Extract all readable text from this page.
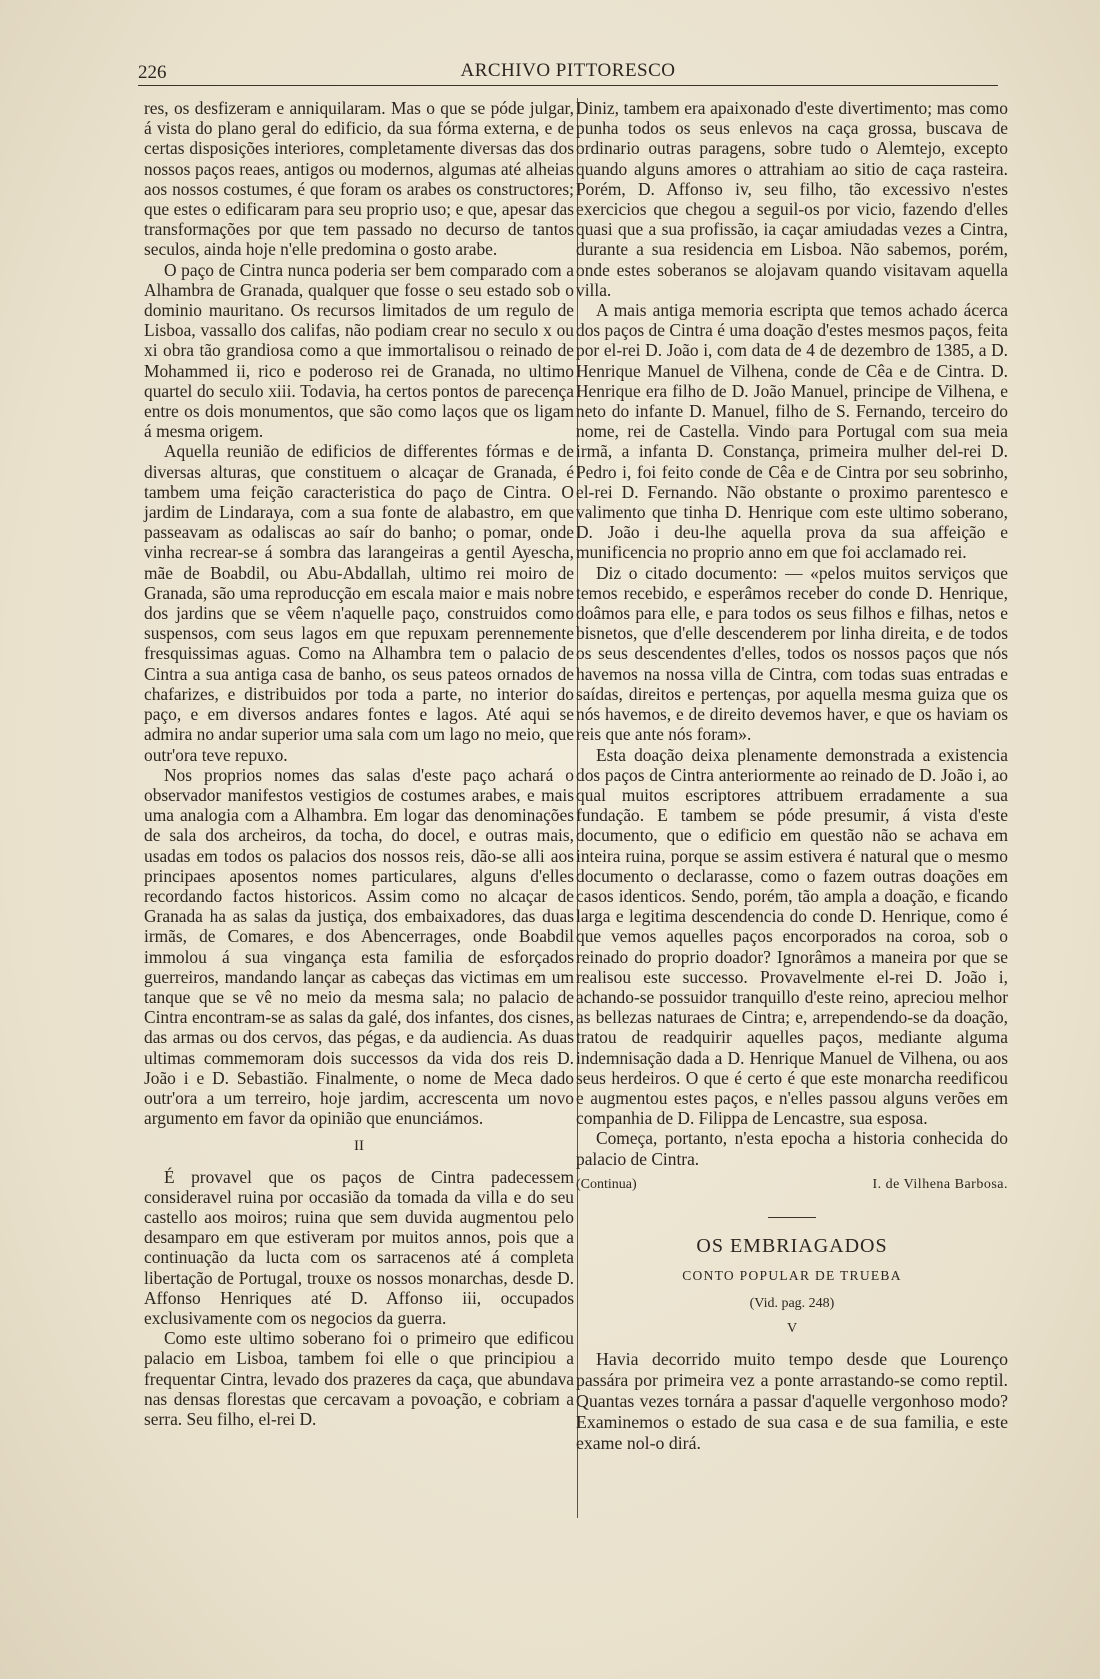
226	ARCHIVO PITTORESCO

res, os desfizeram e anniquilaram. Mas o que se póde julgar, á vista do plano geral do edificio, da sua fórma externa, e de certas disposições interiores, completamente diversas das dos nossos paços reaes, antigos ou modernos, algumas até alheias aos nossos costumes, é que foram os arabes os constructores; que estes o edificaram para seu proprio uso; e que, apesar das transformações por que tem passado no decurso de tantos seculos, ainda hoje n'elle predomina o gosto arabe.

O paço de Cintra nunca poderia ser bem comparado com a Alhambra de Granada, qualquer que fosse o seu estado sob o dominio mauritano. Os recursos limitados de um regulo de Lisboa, vassallo dos califas, não podiam crear no seculo x ou xi obra tão grandiosa como a que immortalisou o reinado de Mohammed ii, rico e poderoso rei de Granada, no ultimo quartel do seculo xiii. Todavia, ha certos pontos de parecença entre os dois monumentos, que são como laços que os ligam á mesma origem.

Aquella reunião de edificios de differentes fórmas e de diversas alturas, que constituem o alcaçar de Granada, é tambem uma feição caracteristica do paço de Cintra. O jardim de Lindaraya, com a sua fonte de alabastro, em que passeavam as odaliscas ao saír do banho; o pomar, onde vinha recrear-se á sombra das larangeiras a gentil Ayescha, mãe de Boabdil, ou Abu-Abdallah, ultimo rei moiro de Granada, são uma reproducção em escala maior e mais nobre dos jardins que se vêem n'aquelle paço, construidos como suspensos, com seus lagos em que repuxam perennemente fresquissimas aguas. Como na Alhambra tem o palacio de Cintra a sua antiga casa de banho, os seus pateos ornados de chafarizes, e distribuidos por toda a parte, no interior do paço, e em diversos andares fontes e lagos. Até aqui se admira no andar superior uma sala com um lago no meio, que outr'ora teve repuxo.

Nos proprios nomes das salas d'este paço achará o observador manifestos vestigios de costumes arabes, e mais uma analogia com a Alhambra. Em logar das denominações de sala dos archeiros, da tocha, do docel, e outras mais, usadas em todos os palacios dos nossos reis, dão-se alli aos principaes aposentos nomes particulares, alguns d'elles recordando factos historicos. Assim como no alcaçar de Granada ha as salas da justiça, dos embaixadores, das duas irmãs, de Comares, e dos Abencerrages, onde Boabdil immolou á sua vingança esta familia de esforçados guerreiros, mandando lançar as cabeças das victimas em um tanque que se vê no meio da mesma sala; no palacio de Cintra encontram-se as salas da galé, dos infantes, dos cisnes, das armas ou dos cervos, das pégas, e da audiencia. As duas ultimas commemoram dois successos da vida dos reis D. João i e D. Sebastião. Finalmente, o nome de Meca dado outr'ora a um terreiro, hoje jardim, accrescenta um novo argumento em favor da opinião que enunciámos.

II

É provavel que os paços de Cintra padecessem consideravel ruina por occasião da tomada da villa e do seu castello aos moiros; ruina que sem duvida augmentou pelo desamparo em que estiveram por muitos annos, pois que a continuação da lucta com os sarracenos até á completa libertação de Portugal, trouxe os nossos monarchas, desde D. Affonso Henriques até D. Affonso iii, occupados exclusivamente com os negocios da guerra.

Como este ultimo soberano foi o primeiro que edificou palacio em Lisboa, tambem foi elle o que principiou a frequentar Cintra, levado dos prazeres da caça, que abundava nas densas florestas que cercavam a povoação, e cobriam a serra. Seu filho, el-rei D.

Diniz, tambem era apaixonado d'este divertimento; mas como punha todos os seus enlevos na caça grossa, buscava de ordinario outras paragens, sobre tudo o Alemtejo, excepto quando alguns amores o attrahiam ao sitio de caça rasteira. Porém, D. Affonso iv, seu filho, tão excessivo n'estes exercicios que chegou a seguil-os por vicio, fazendo d'elles quasi que a sua profissão, ia caçar amiudadas vezes a Cintra, durante a sua residencia em Lisboa. Não sabemos, porém, onde estes soberanos se alojavam quando visitavam aquella villa.

A mais antiga memoria escripta que temos achado ácerca dos paços de Cintra é uma doação d'estes mesmos paços, feita por el-rei D. João i, com data de 4 de dezembro de 1385, a D. Henrique Manuel de Vilhena, conde de Cêa e de Cintra. D. Henrique era filho de D. João Manuel, principe de Vilhena, e neto do infante D. Manuel, filho de S. Fernando, terceiro do nome, rei de Castella. Vindo para Portugal com sua meia irmã, a infanta D. Constança, primeira mulher del-rei D. Pedro i, foi feito conde de Cêa e de Cintra por seu sobrinho, el-rei D. Fernando. Não obstante o proximo parentesco e valimento que tinha D. Henrique com este ultimo soberano, D. João i deu-lhe aquella prova da sua affeição e munificencia no proprio anno em que foi acclamado rei.

Diz o citado documento: — «pelos muitos serviços que temos recebido, e esperâmos receber do conde D. Henrique, doâmos para elle, e para todos os seus filhos e filhas, netos e bisnetos, que d'elle descenderem por linha direita, e de todos os seus descendentes d'elles, todos os nossos paços que nós havemos na nossa villa de Cintra, com todas suas entradas e saídas, direitos e pertenças, por aquella mesma guiza que os nós havemos, e de direito devemos haver, e que os haviam os reis que ante nós foram».

Esta doação deixa plenamente demonstrada a existencia dos paços de Cintra anteriormente ao reinado de D. João i, ao qual muitos escriptores attribuem erradamente a sua fundação. E tambem se póde presumir, á vista d'este documento, que o edificio em questão não se achava em inteira ruina, porque se assim estivera é natural que o mesmo documento o declarasse, como o fazem outras doações em casos identicos. Sendo, porém, tão ampla a doação, e ficando larga e legitima descendencia do conde D. Henrique, como é que vemos aquelles paços encorporados na coroa, sob o reinado do proprio doador? Ignorâmos a maneira por que se realisou este successo. Provavelmente el-rei D. João i, achando-se possuidor tranquillo d'este reino, apreciou melhor as bellezas naturaes de Cintra; e, arrependendo-se da doação, tratou de readquirir aquelles paços, mediante alguma indemnisação dada a D. Henrique Manuel de Vilhena, ou aos seus herdeiros. O que é certo é que este monarcha reedificou e augmentou estes paços, e n'elles passou alguns verões em companhia de D. Filippa de Lencastre, sua esposa.

Começa, portanto, n'esta epocha a historia conhecida do palacio de Cintra.

(Continua)	I. de Vilhena Barbosa.
OS EMBRIAGADOS
CONTO POPULAR DE TRUEBA
(Vid. pag. 248)
V

Havia decorrido muito tempo desde que Lourenço passára por primeira vez a ponte arrastando-se como reptil. Quantas vezes tornára a passar d'aquelle vergonhoso modo? Examinemos o estado de sua casa e de sua familia, e este exame nol-o dirá.
